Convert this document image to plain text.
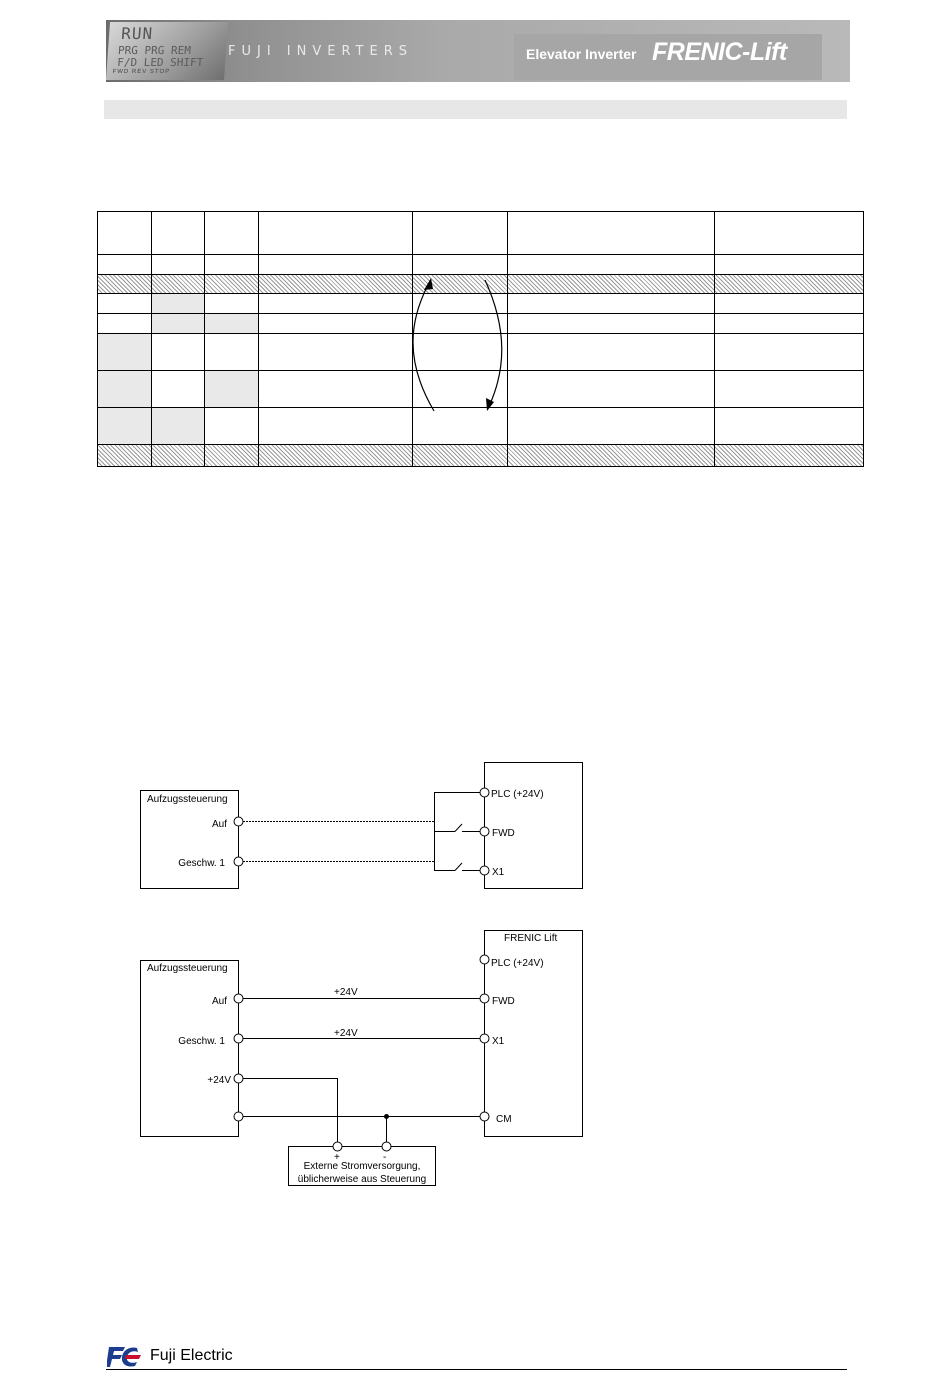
RUN
PRG PRG REM
F/D LED SHIFT
FWD REV STOP
FUJI INVERTERS	Elevator Inverter FRENIC-Lift
Aufzugssteuerung
Auf
Geschw. 1
PLC (+24V)
FWD
X1
Aufzugssteuerung
FRENIC Lift
Auf
Geschw. 1
+24V
PLC (+24V)
FWD
X1
CM
+24V
+24V
+	-
Externe Stromversorgung,
üblicherweise aus Steuerung
Fuji Electric
